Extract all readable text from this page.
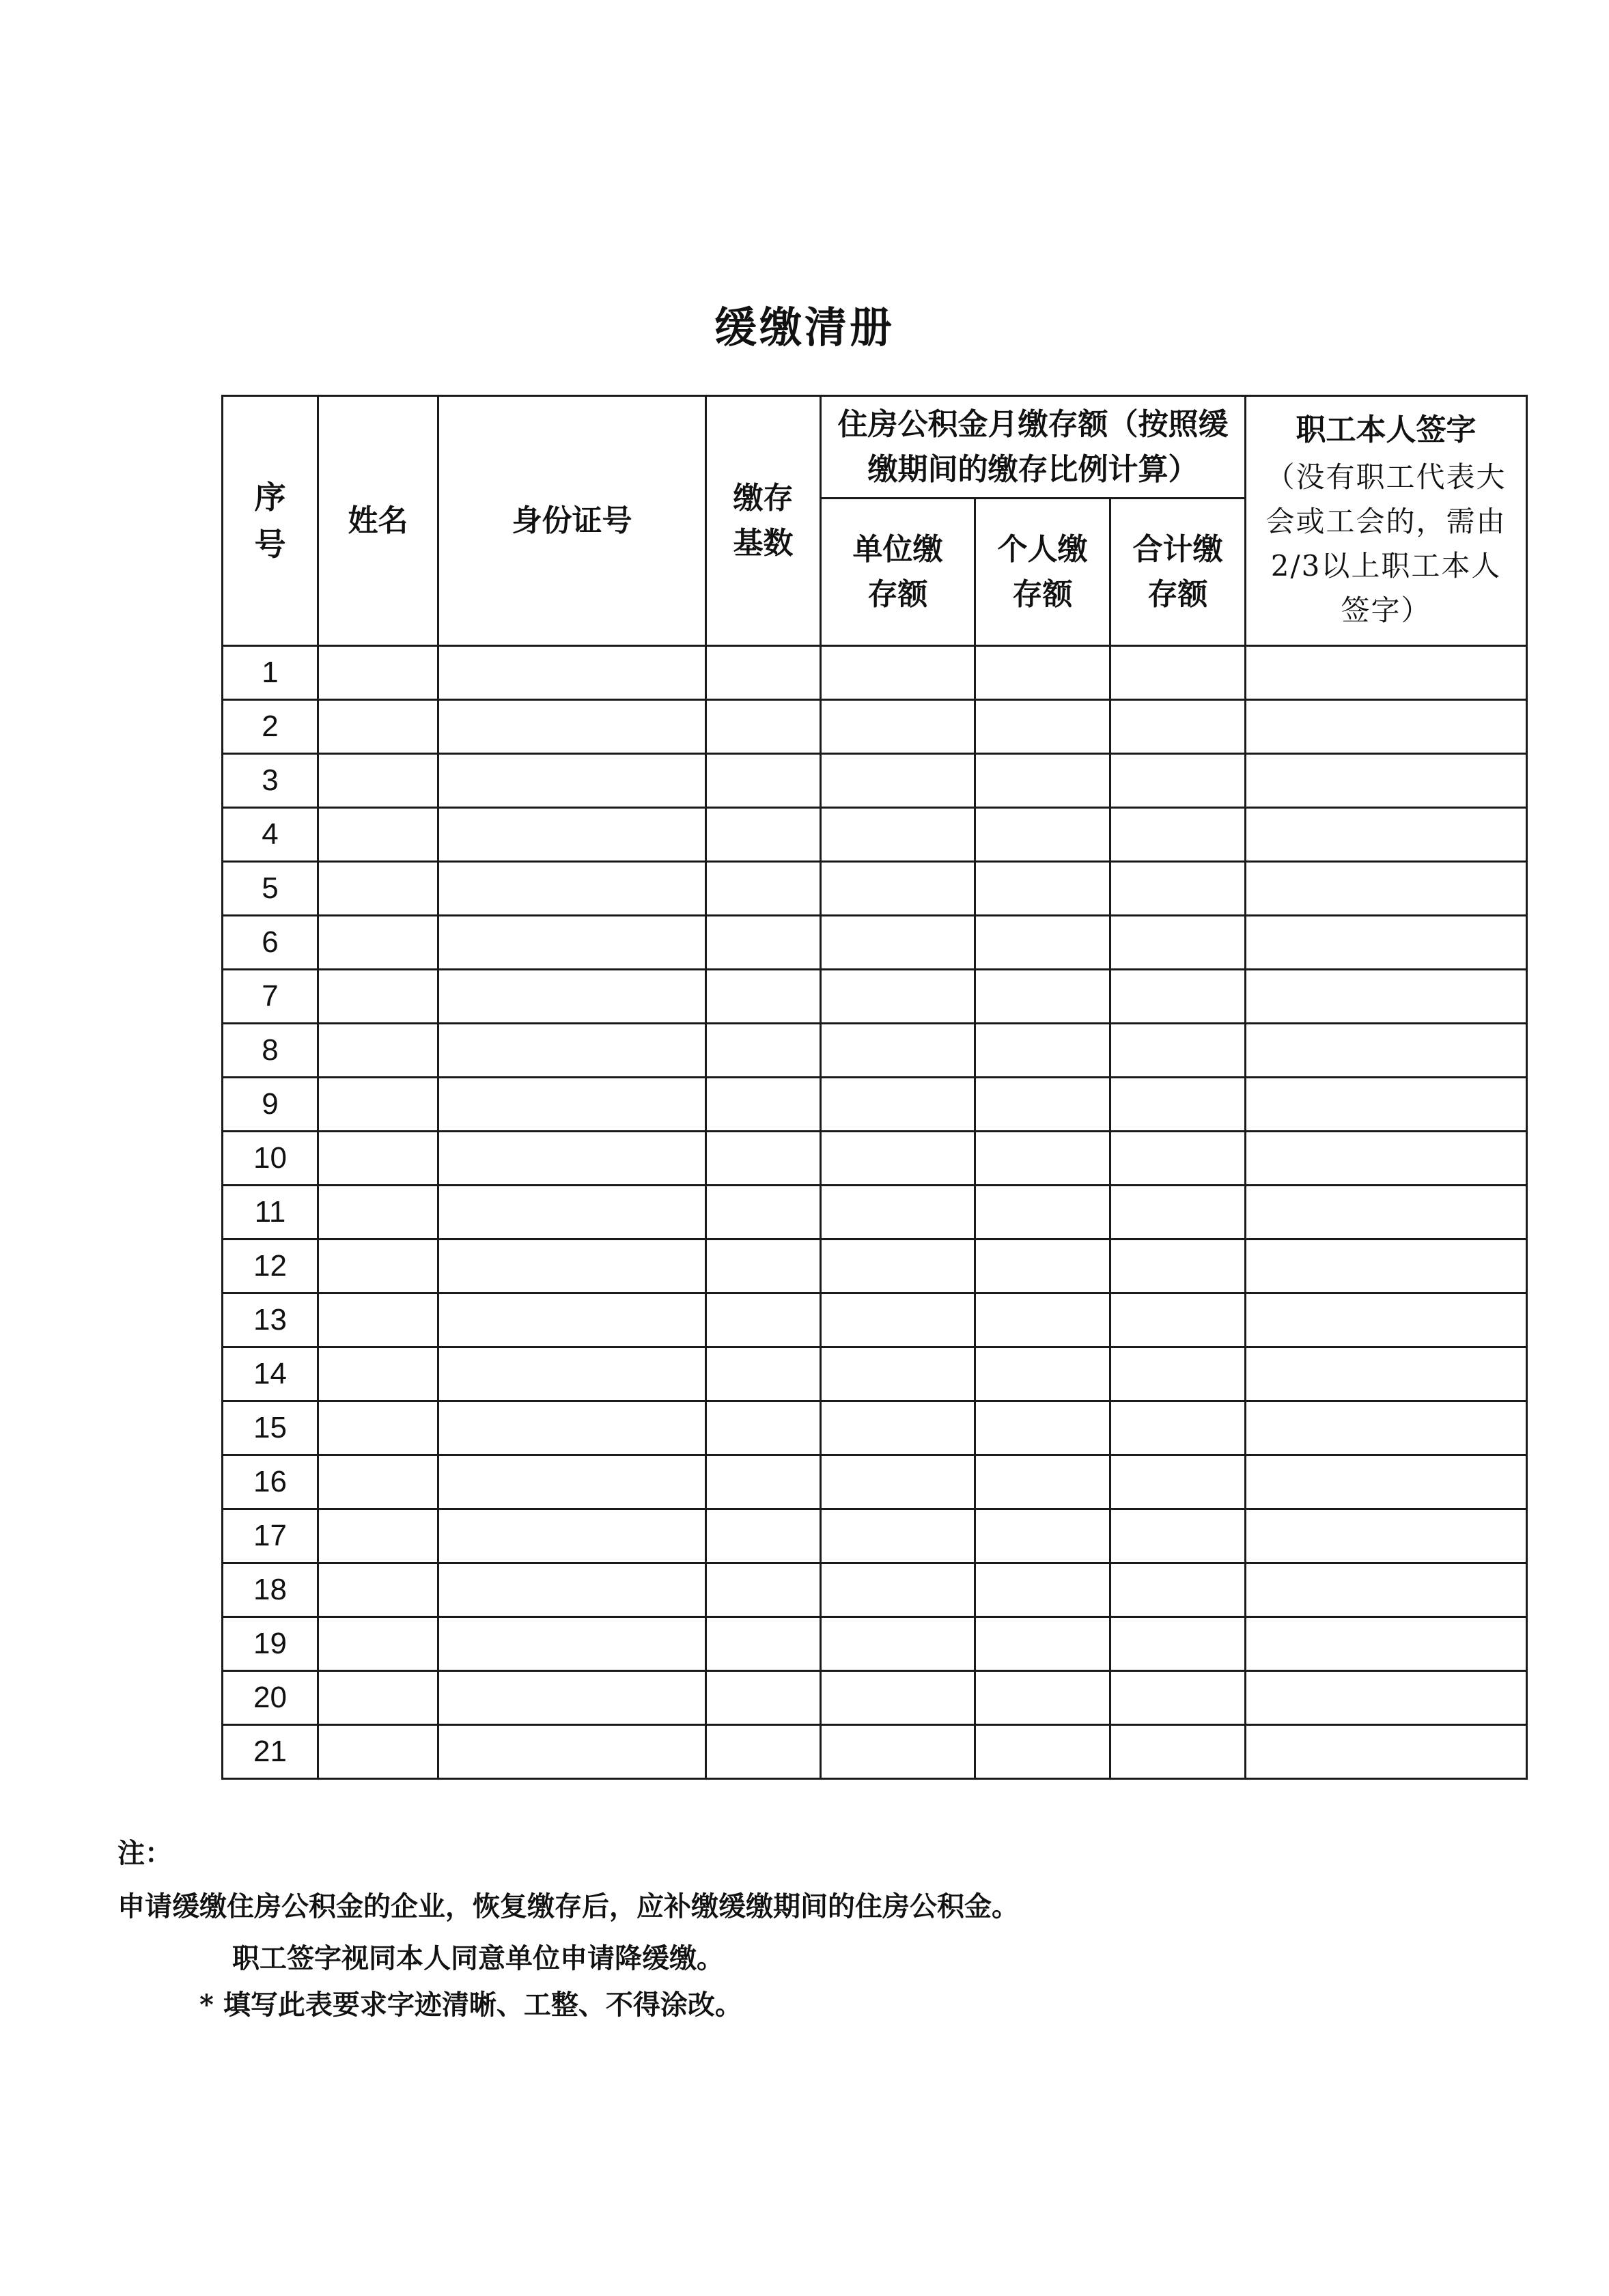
缓缴清册
序号	姓名	身份证号	缴存基数	住房公积金月缴存额（按照缓缴期间的缴存比例计算）			职工本人签字
（没有职工代表大会或工会的，需由2/3以上职工本人签字）

				单位缴存额	个人缴存额	合计缴存额	

1							
2							
3							
4							
5							
6							
7							
8							
9							
10							
11							
12							
13							
14							
15							
16							
17							
18							
19							
20							
21							

注：

申请缓缴住房公积金的企业，恢复缴存后，应补缴缓缴期间的住房公积金。

职工签字视同本人同意单位申请降缓缴。

* 填写此表要求字迹清晰、工整、不得涂改。
